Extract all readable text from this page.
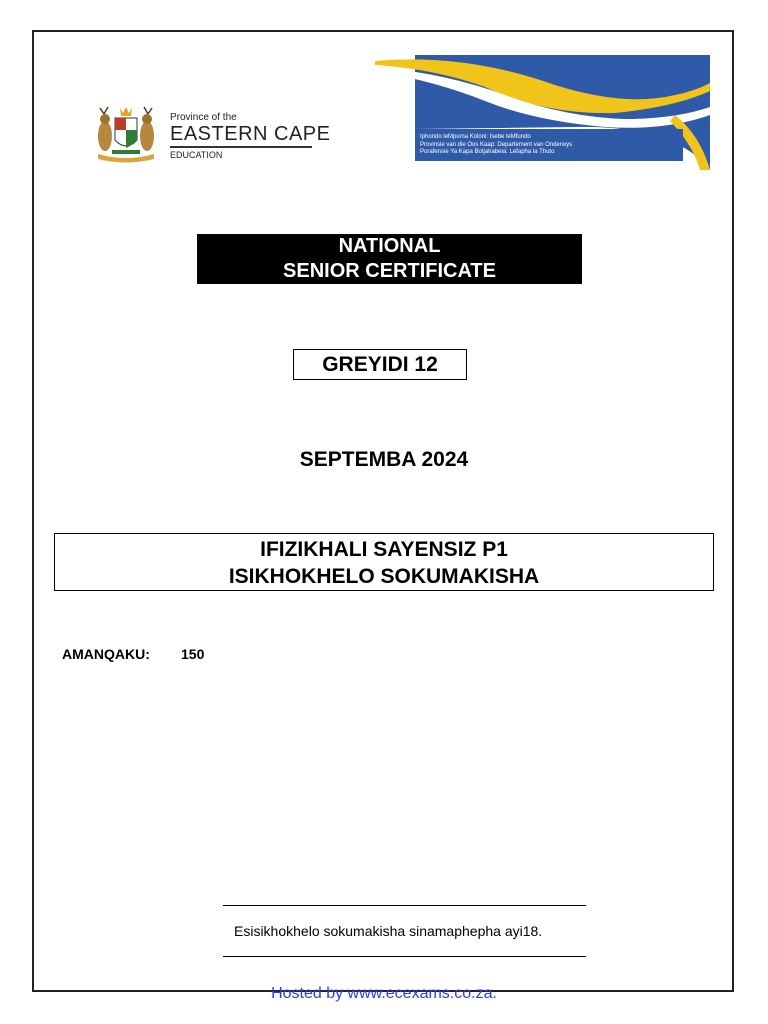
Province of the
EASTERN CAPE
EDUCATION
Iphondo leMpuma Koloni: Isebe leMfundo
Provinsie van die Oos Kaap: Departement van Onderwys
Porafensie Ya Kapa Botjahabela: Lefapha la Thuto
NATIONAL
SENIOR CERTIFICATE
GREYIDI 12
SEPTEMBA 2024
IFIZIKHALI SAYENSIZ P1
ISIKHOKHELO SOKUMAKISHA
AMANQAKU: 150
Esisikhokhelo sokumakisha sinamaphepha ayi18.
Hosted by www.ecexams.co.za.
